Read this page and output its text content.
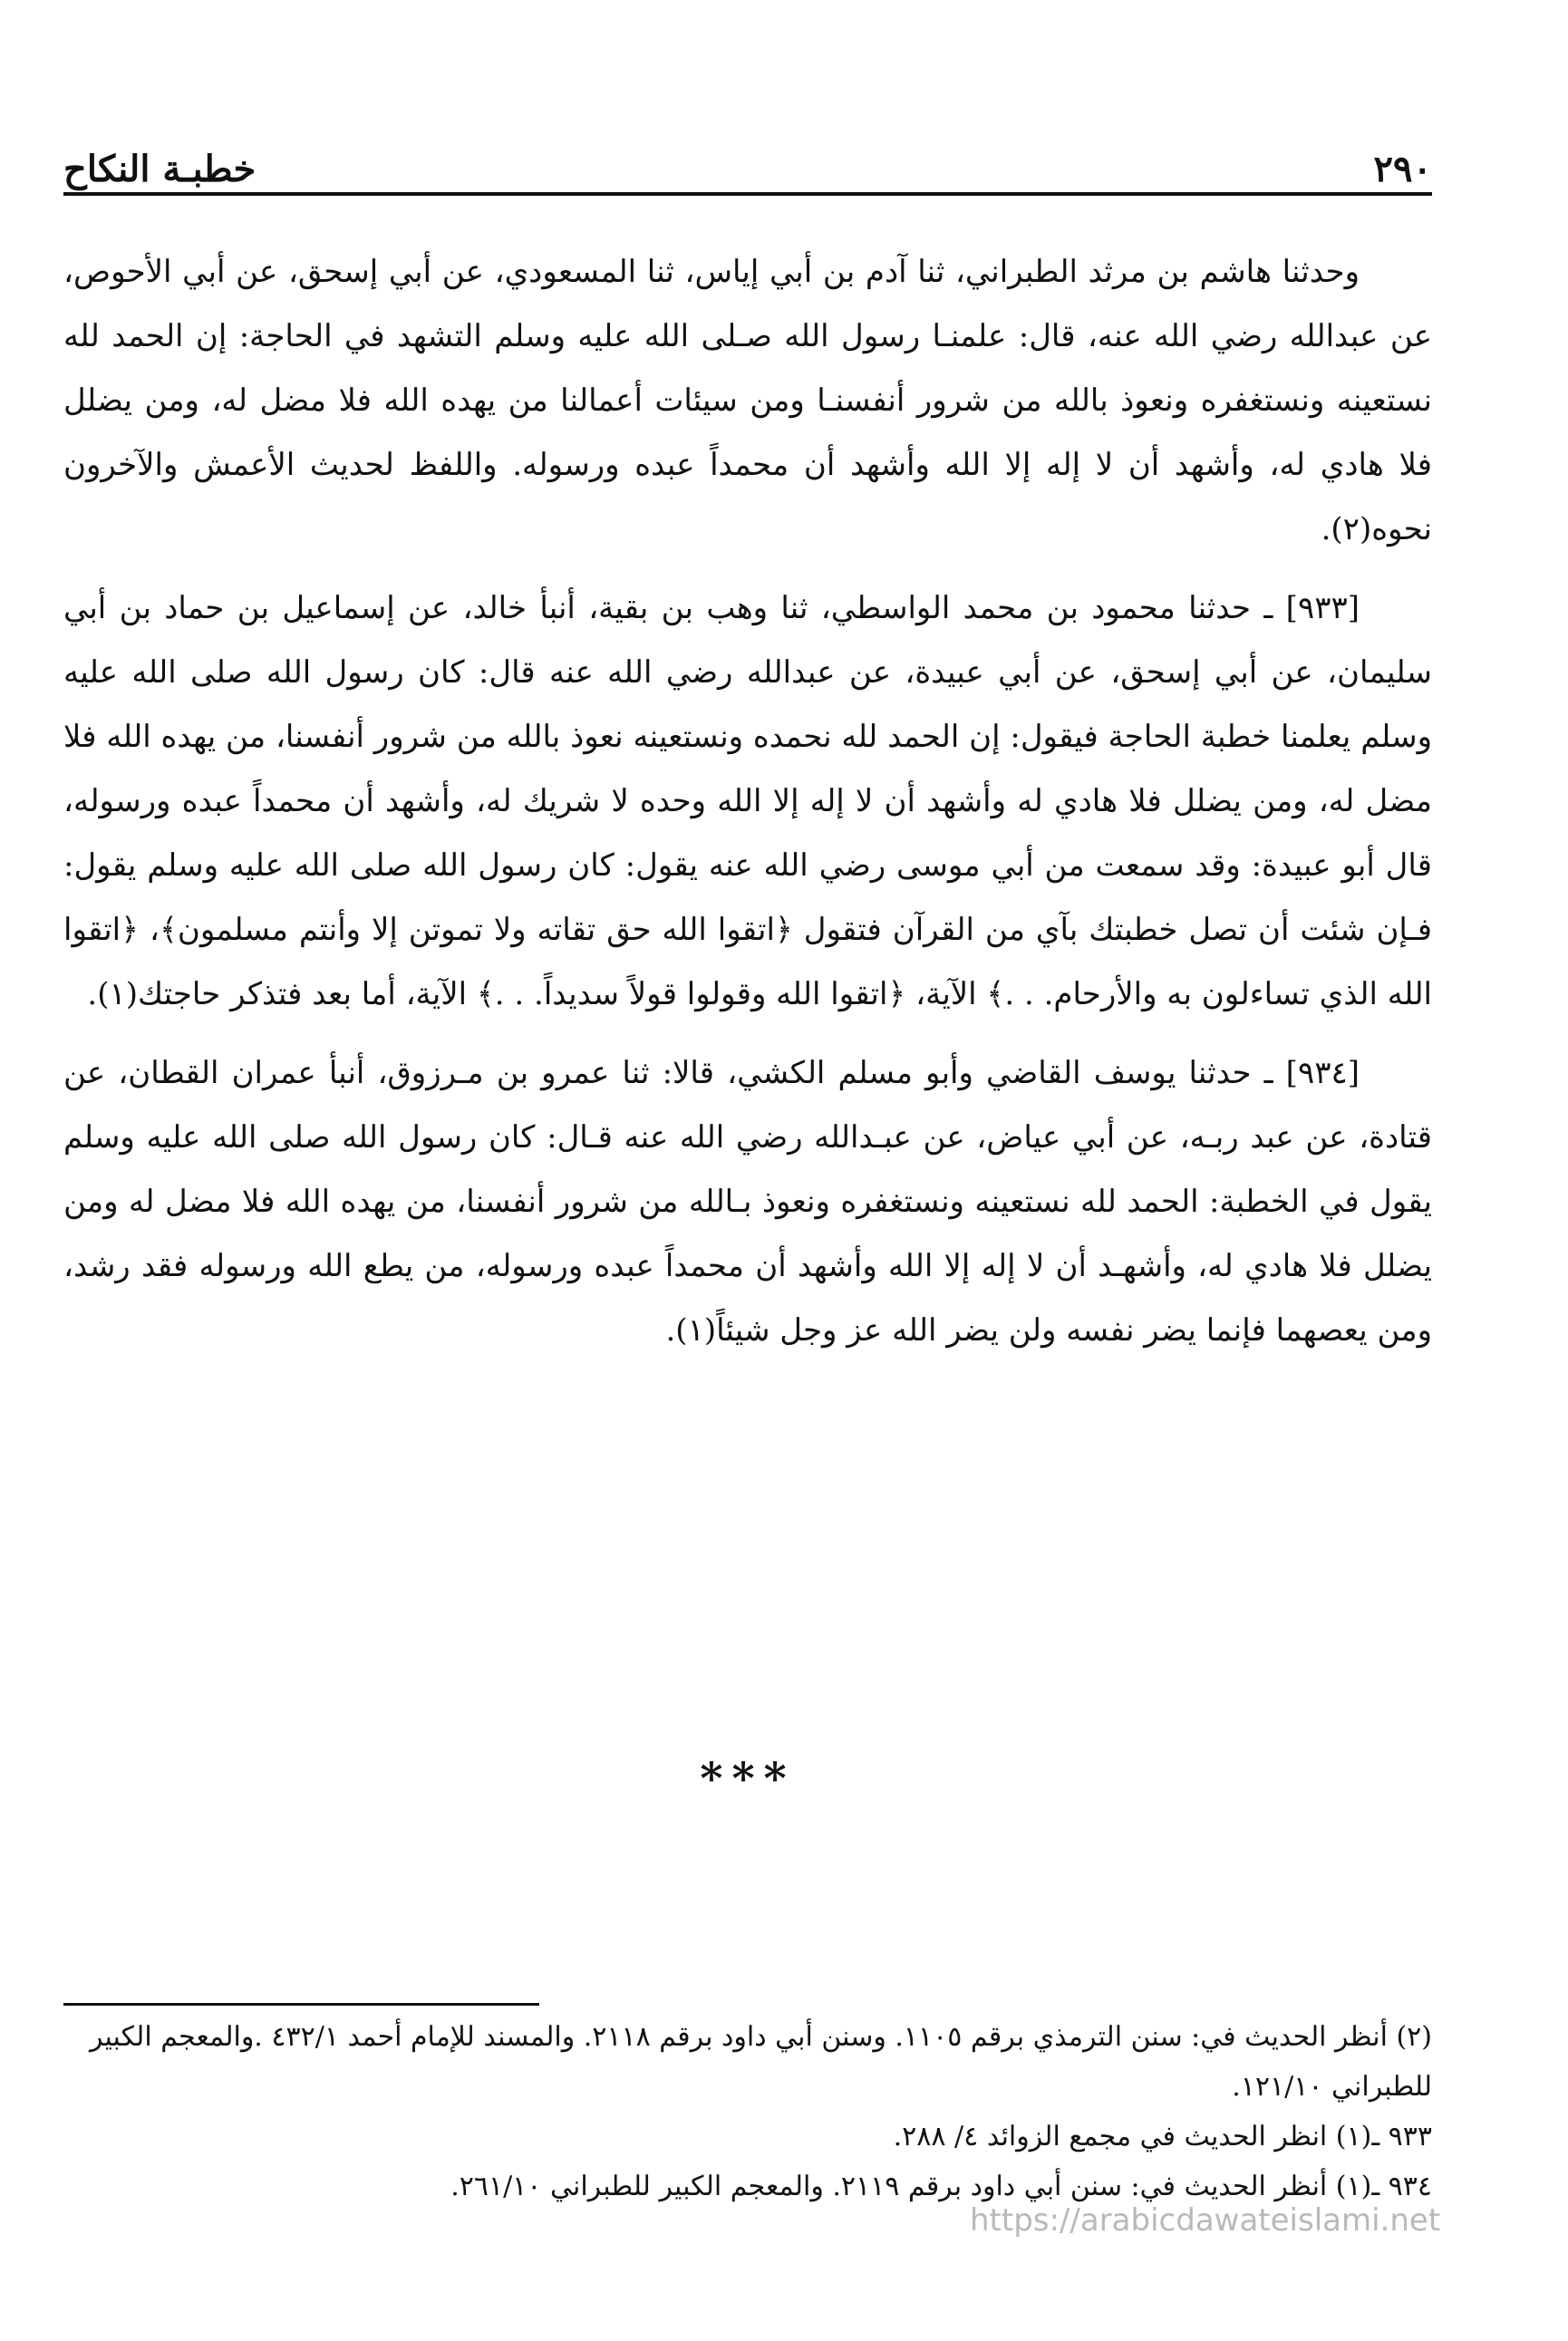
٢٩٠
خطبـة النكاح

وحدثنا هاشم بن مرثد الطبراني، ثنا آدم بن أبي إياس، ثنا المسعودي، عن أبي إسحق، عن أبي الأحوص، عن عبدالله رضي الله عنه، قال: علمنـا رسول الله صـلى الله عليه وسلم التشهد في الحاجة: إن الحمد لله نستعينه ونستغفره ونعوذ بالله من شرور أنفسنـا ومن سيئات أعمالنا من يهده الله فلا مضل له، ومن يضلل فلا هادي له، وأشهد أن لا إله إلا الله وأشهد أن محمداً عبده ورسوله. واللفظ لحديث الأعمش والآخرون نحوه(٢).

[٩٣٣] ـ حدثنا محمود بن محمد الواسطي، ثنا وهب بن بقية، أنبأ خالد، عن إسماعيل بن حماد بن أبي سليمان، عن أبي إسحق، عن أبي عبيدة، عن عبدالله رضي الله عنه قال: كان رسول الله صلى الله عليه وسلم يعلمنا خطبة الحاجة فيقول: إن الحمد لله نحمده ونستعينه نعوذ بالله من شرور أنفسنا، من يهده الله فلا مضل له، ومن يضلل فلا هادي له وأشهد أن لا إله إلا الله وحده لا شريك له، وأشهد أن محمداً عبده ورسوله، قال أبو عبيدة: وقد سمعت من أبي موسى رضي الله عنه يقول: كان رسول الله صلى الله عليه وسلم يقول: فـإن شئت أن تصل خطبتك بآي من القرآن فتقول ﴿اتقوا الله حق تقاته ولا تموتن إلا وأنتم مسلمون﴾، ﴿اتقوا الله الذي تساءلون به والأرحام. . .﴾ الآية، ﴿اتقوا الله وقولوا قولاً سديداً. . .﴾ الآية، أما بعد فتذكر حاجتك(١).

[٩٣٤] ـ حدثنا يوسف القاضي وأبو مسلم الكشي، قالا: ثنا عمرو بن مـرزوق، أنبأ عمران القطان، عن قتادة، عن عبد ربـه، عن أبي عياض، عن عبـدالله رضي الله عنه قـال: كان رسول الله صلى الله عليه وسلم يقول في الخطبة: الحمد لله نستعينه ونستغفره ونعوذ بـالله من شرور أنفسنا، من يهده الله فلا مضل له ومن يضلل فلا هادي له، وأشهـد أن لا إله إلا الله وأشهد أن محمداً عبده ورسوله، من يطع الله ورسوله فقد رشد، ومن يعصهما فإنما يضر نفسه ولن يضر الله عز وجل شيئاً(١).

***

(٢) أنظر الحديث في: سنن الترمذي برقم ١١٠٥. وسنن أبي داود برقم ٢١١٨. والمسند للإمام أحمد ٤٣٢/١ .والمعجم الكبير للطبراني ١٢١/١٠.

٩٣٣ ـ(١) انظر الحديث في مجمع الزوائد ٤/ ٢٨٨.

٩٣٤ ـ(١) أنظر الحديث في: سنن أبي داود برقم ٢١١٩. والمعجم الكبير للطبراني ٢٦١/١٠.

https://arabicdawateislami.net
